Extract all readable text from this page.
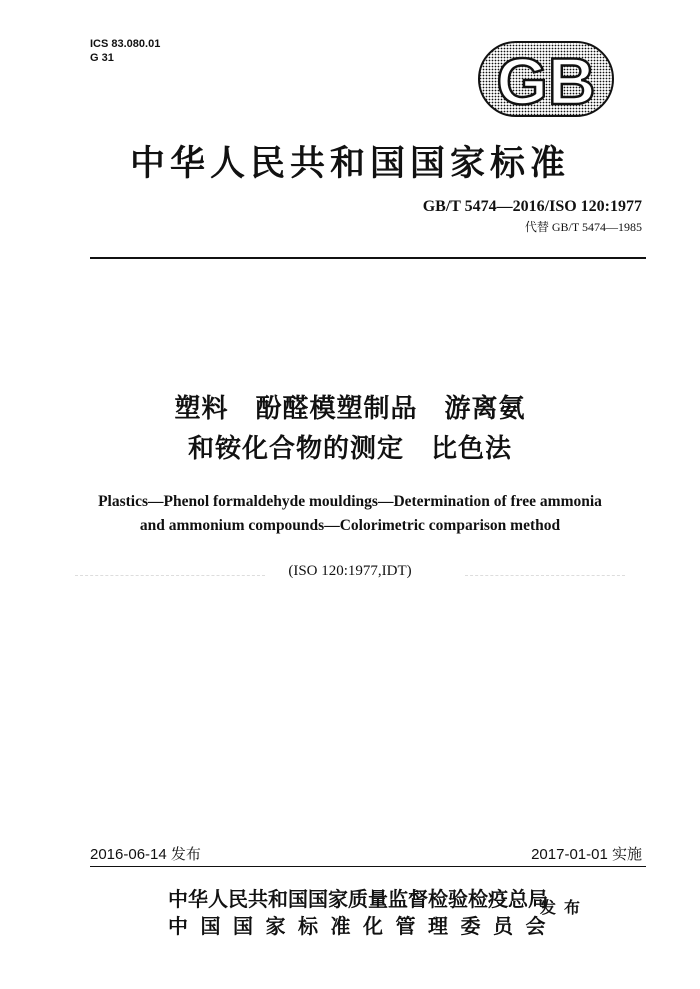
ICS 83.080.01
G 31	GB
中华人民共和国国家标准
GB/T 5474—2016/ISO 120:1977
代替 GB/T 5474—1985
塑料　酚醛模塑制品　游离氨
和铵化合物的测定　比色法
Plastics—Phenol formaldehyde mouldings—Determination of free ammonia
and ammonium compounds—Colorimetric comparison method
(ISO 120:1977,IDT)
2016-06-14 发布	2017-01-01 实施
中华人民共和国国家质量监督检验检疫总局
中国国家标准化管理委员会
发布
